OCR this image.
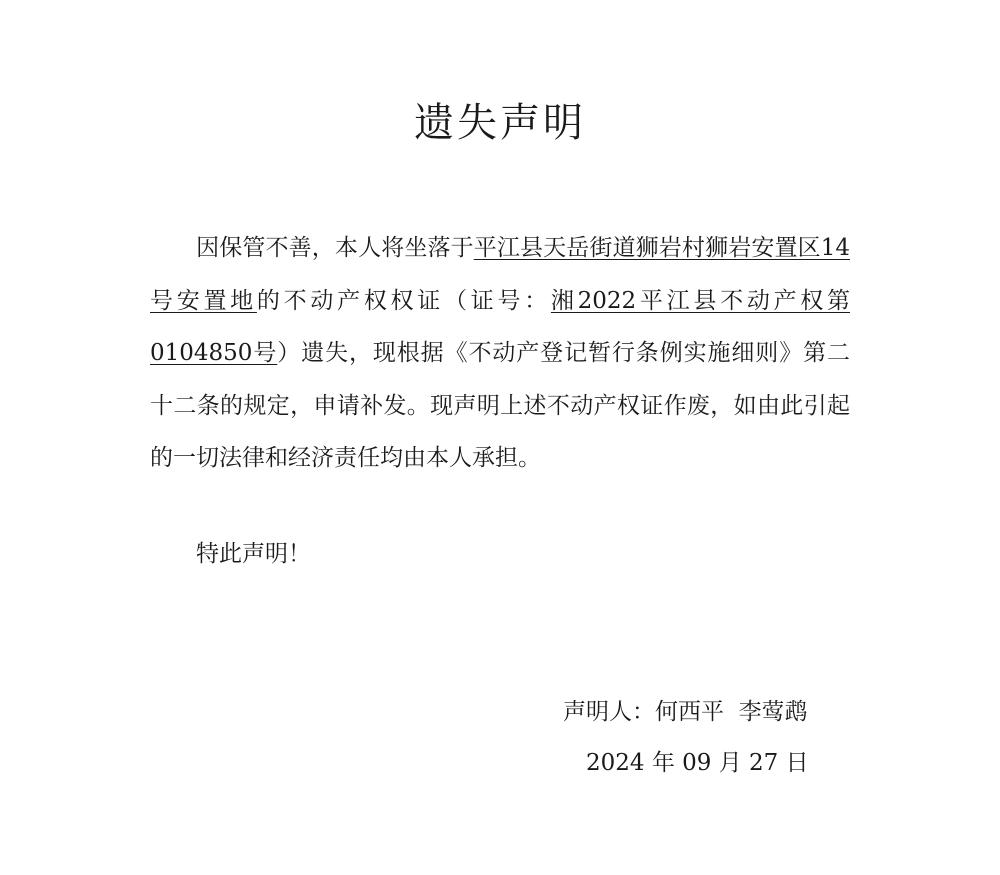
遗失声明

因保管不善，本人将坐落于平江县天岳街道狮岩村狮岩安置区14号安置地的不动产权权证（证号：湘2022平江县不动产权第0104850号）遗失，现根据《不动产登记暂行条例实施细则》第二十二条的规定，申请补发。现声明上述不动产权证作废，如由此引起的一切法律和经济责任均由本人承担。

特此声明！

声明人：何西平  李莺鹉

2024 年 09 月 27 日
